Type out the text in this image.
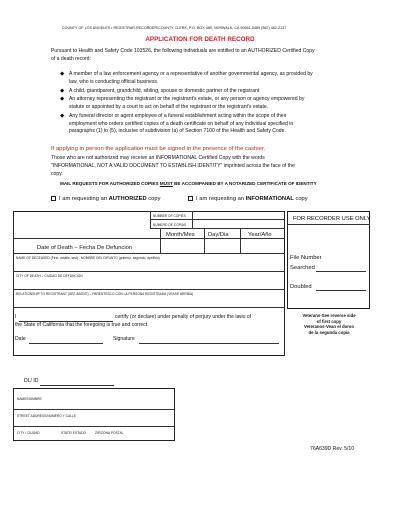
COUNTY OF LOS ANGELES • REGISTRAR-RECORDER/COUNTY CLERK, P.O. BOX 489, NORWALK, CA 90651-0489 (562) 462-2137
APPLICATION FOR DEATH RECORD
Pursuant to Health and Safety Code 103526, the following individuals are entitled to an AUTHORIZED Certified Copy
of a death record:
◆ A member of a law enforcement agency or a representative of another governmental agency, as provided by
law, who is conducting official business.
◆ A child, grandparent, grandchild, sibling, spouse or domestic partner of the registrant
◆ An attorney representing the registrant or the registrant's estate, or any person or agency empowered by
statute or appointed by a court to act on behalf of the registrant or the registrant's estate.
◆ Any funeral director or agent employee of a funeral establishment acting within the scope of their
employment who orders certified copies of a death certificate on behalf of any individual specified in
paragraphs (1) to (5), inclusive of subdivision (a) of Section 7100 of the Health and Safety Code.
If applying in person the application must be signed in the presence of the cashier.
Those who are not authorized may receive an INFORMATIONAL Certified Copy with the words
"INFORMATIONAL, NOT A VALID DOCUMENT TO ESTABLISH IDENTITY" imprinted across the face of the
copy.
MAIL REQUESTS FOR AUTHORIZED COPIES MUST BE ACCOMPANIED BY A NOTARIZED CERTIFICATE OF IDENTITY
I am requesting an AUTHORIZED copy	I am requesting an INFORMATIONAL copy
NUMBER OF COPIES
NUMERO DE COPIAS
Month/Mes Day/Dia	Year/Año
Date of Death – Fecha De Defuncion
NAME OF DECEASED (First, middle, last) - NOMBRE DEL DIFUNTO (primero, segundo, apellido)
CITY OF DEATH – CIUDAD DE DEFUNCION
RELATIONSHIP TO REGISTRANT (SEE ABOVE) – PARENTESCO CON LA PERSONA REGISTRADA (VEASE ARRIBA)
I	certify (or declare) under penalty of perjury under the laws of
the State of California that the foregoing is true and correct.
Date	Signature
FOR RECORDER USE ONLY
File Number
Searched
Doubled
Veterans-See reverse side
of first copy
Veteranos-Vean el dorso
de la segunda copia
DL/ ID
NAME/NOMBRE
STREET ADDRESS/NUMERO Y CALLE
CITY / CIUDAD	STATE/ ESTADO	ZIP/ZONA POSTAL
76A639D Rev. 5/10
